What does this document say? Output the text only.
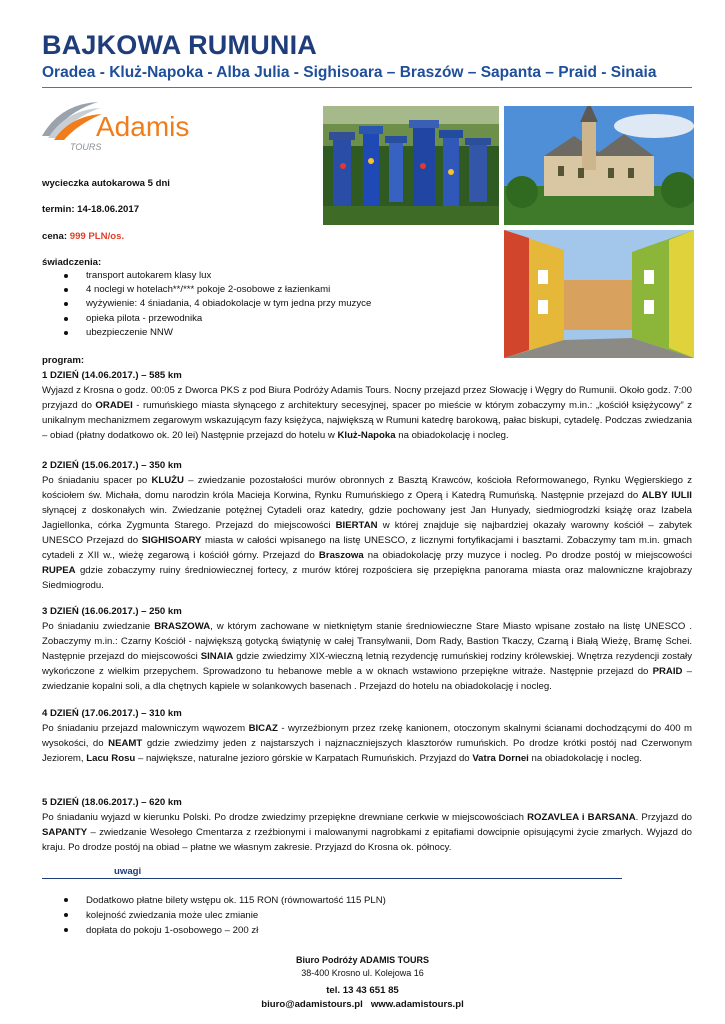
BAJKOWA RUMUNIA
Oradea - Kluż-Napoka - Alba Julia - Sighisoara – Braszów – Sapanta – Praid - Sinaia
Adamis
TOURS
wycieczka autokarowa 5 dni
termin: 14-18.06.2017
cena: 999 PLN/os.
świadczenia:
transport autokarem klasy lux
4 noclegi w hotelach**/*** pokoje 2-osobowe z łazienkami
wyżywienie: 4 śniadania, 4 obiadokolacje w tym jedna przy muzyce
opieka pilota - przewodnika
ubezpieczenie NNW
program:
1 DZIEŃ (14.06.2017.) – 585 km

Wyjazd z Krosna o godz. 00:05 z Dworca PKS z pod Biura Podróży Adamis Tours. Nocny przejazd przez Słowację i Węgry do Rumunii. Około godz. 7:00 przyjazd do ORADEI - rumuńskiego miasta słynącego z architektury secesyjnej, spacer po mieście w którym zobaczymy m.in.: „kościół księżycowy” z unikalnym mechanizmem zegarowym wskazującym fazy księżyca, największą w Rumuni katedrę barokową, pałac biskupi, cytadelę. Podczas zwiedzania – obiad (płatny dodatkowo ok. 20 lei) Następnie przejazd do hotelu w Kluż-Napoka na obiadokolację i nocleg.

2 DZIEŃ (15.06.2017.) – 350 km

Po śniadaniu spacer po KLUŻU – zwiedzanie pozostałości murów obronnych z Basztą Krawców, kościoła Reformowanego, Rynku Węgierskiego z kościołem św. Michała, domu narodzin króla Macieja Korwina, Rynku Rumuńskiego z Operą i Katedrą Rumuńską. Następnie przejazd do ALBY IULII słynącej z doskonałych win. Zwiedzanie potężnej Cytadeli oraz katedry, gdzie pochowany jest Jan Hunyady, siedmiogrodzki książę oraz Izabela Jagiellonka, córka Zygmunta Starego. Przejazd do miejscowości BIERTAN w której znajduje się najbardziej okazały warowny kościół – zabytek UNESCO Przejazd do SIGHISOARY miasta w całości wpisanego na listę UNESCO, z licznymi fortyfikacjami i basztami. Zobaczymy tam m.in. gmach cytadeli z XII w., wieżę zegarową i kościół górny. Przejazd do Braszowa na obiadokolację przy muzyce i nocleg. Po drodze postój w miejscowości RUPEA gdzie zobaczymy ruiny średniowiecznej fortecy, z murów której rozpościera się przepiękna panorama miasta oraz malowniczne krajobrazy Siedmiogrodu.

3 DZIEŃ (16.06.2017.) – 250 km

Po śniadaniu zwiedzanie BRASZOWA, w którym zachowane w nietkniętym stanie średniowieczne Stare Miasto wpisane zostało na listę UNESCO . Zobaczymy m.in.: Czarny Kościół - największą gotycką świątynię w całej Transylwanii, Dom Rady, Bastion Tkaczy, Czarną i Białą Wieżę, Bramę Schei. Następnie przejazd do miejscowości SINAIA gdzie zwiedzimy XIX-wieczną letnią rezydencję rumuńskiej rodziny królewskiej. Wnętrza rezydencji zostały wykończone z wielkim przepychem. Sprowadzono tu hebanowe meble a w oknach wstawiono przepiękne witraże. Następnie przejazd do PRAID – zwiedzanie kopalni soli, a dla chętnych kąpiele w solankowych basenach . Przejazd do hotelu na obiadokolację i nocleg.

4 DZIEŃ (17.06.2017.) – 310 km

Po śniadaniu przejazd malowniczym wąwozem BICAZ - wyrzeźbionym przez rzekę kanionem, otoczonym skalnymi ścianami dochodzącymi do 400 m wysokości, do NEAMT gdzie zwiedzimy jeden z najstarszych i najznaczniejszych klasztorów rumuńskich. Po drodze krótki postój nad Czerwonym Jeziorem, Lacu Rosu – największe, naturalne jezioro górskie w Karpatach Rumuńskich. Przyjazd do Vatra Dornei na obiadokolację i nocleg.

5 DZIEŃ (18.06.2017.) – 620 km

Po śniadaniu wyjazd w kierunku Polski. Po drodze zwiedzimy przepiękne drewniane cerkwie w miejscowościach ROZAVLEA i BARSANA. Przyjazd do SAPANTY – zwiedzanie Wesołego Cmentarza z rzeźbionymi i malowanymi nagrobkami z epitafiami dowcipnie opisującymi życie zmarłych. Wyjazd do kraju. Po drodze postój na obiad – płatne we własnym zakresie. Przyjazd do Krosna ok. północy.

uwagi
Dodatkowo płatne bilety wstępu ok. 115 RON (równowartość 115 PLN)
kolejność zwiedzania może ulec zmianie
dopłata do pokoju 1-osobowego – 200 zł
Biuro Podróży ADAMIS TOURS
38-400 Krosno ul. Kolejowa 16
tel. 13 43 651 85
biuro@adamistours.pl www.adamistours.pl
